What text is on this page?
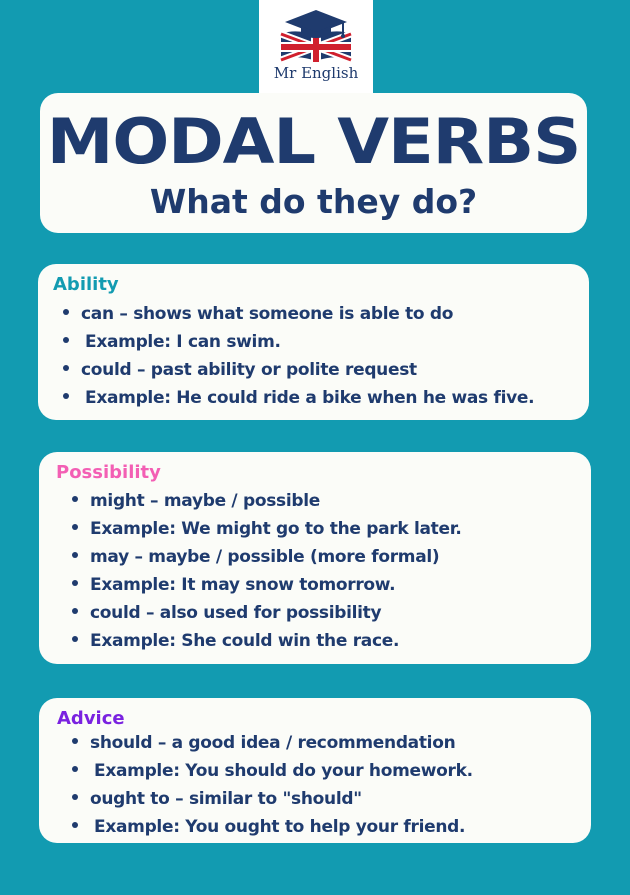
Mr English
MODAL VERBS
What do they do?
Ability
can – shows what someone is able to do
Example: I can swim.
could – past ability or polite request
Example: He could ride a bike when he was five.
Possibility
might – maybe / possible
Example: We might go to the park later.
may – maybe / possible (more formal)
Example: It may snow tomorrow.
could – also used for possibility
Example: She could win the race.
Advice
should – a good idea / recommendation
Example: You should do your homework.
ought to – similar to "should"
Example: You ought to help your friend.
